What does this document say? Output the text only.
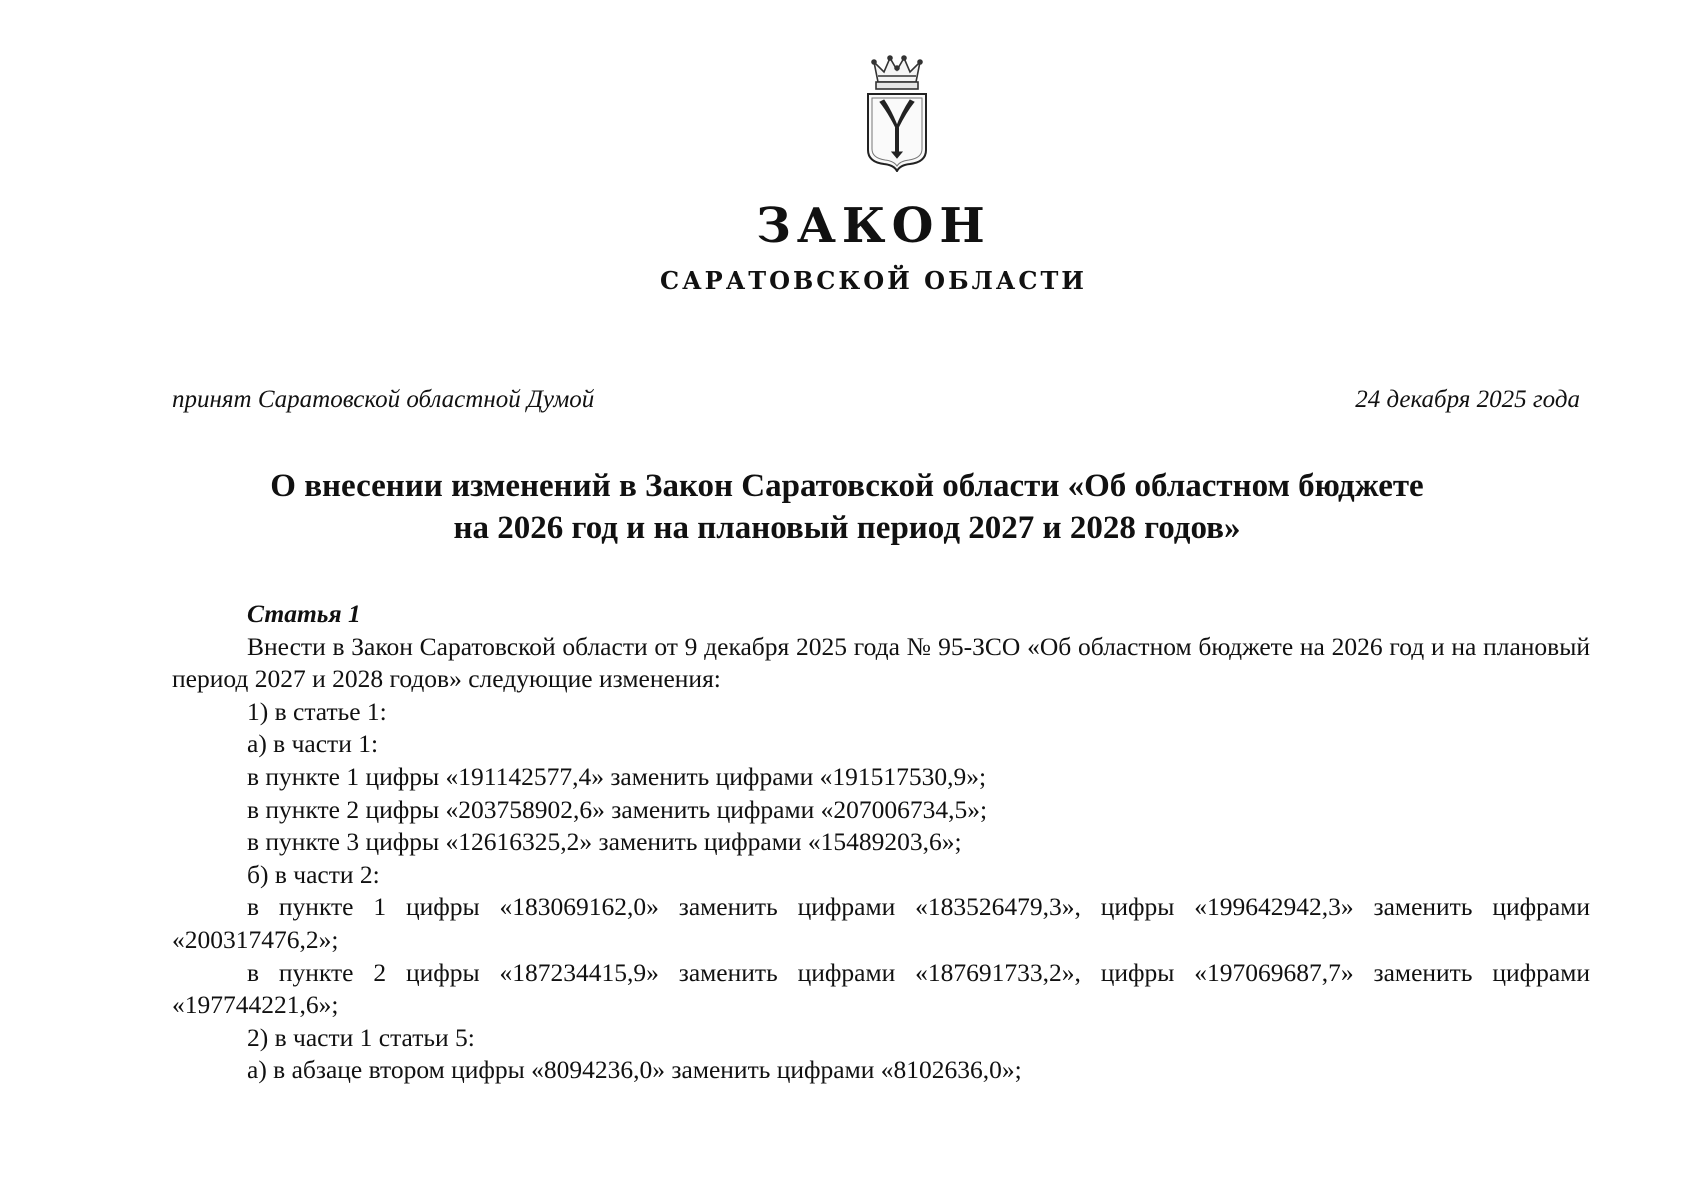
ЗАКОН
САРАТОВСКОЙ ОБЛАСТИ
принят Саратовской областной Думой	24 декабря 2025 года
О внесении изменений в Закон Саратовской области «Об областном бюджете
на 2026 год и на плановый период 2027 и 2028 годов»

Статья 1

Внести в Закон Саратовской области от 9 декабря 2025 года № 95-ЗСО «Об областном бюджете на 2026 год и на плановый период 2027 и 2028 годов» следующие изменения:

1) в статье 1:

а) в части 1:

в пункте 1 цифры «191142577,4» заменить цифрами «191517530,9»;

в пункте 2 цифры «203758902,6» заменить цифрами «207006734,5»;

в пункте 3 цифры «12616325,2» заменить цифрами «15489203,6»;

б) в части 2:

в пункте 1 цифры «183069162,0» заменить цифрами «183526479,3», цифры «199642942,3» заменить цифрами «200317476,2»;

в пункте 2 цифры «187234415,9» заменить цифрами «187691733,2», цифры «197069687,7» заменить цифрами «197744221,6»;

2) в части 1 статьи 5:

а) в абзаце втором цифры «8094236,0» заменить цифрами «8102636,0»;
